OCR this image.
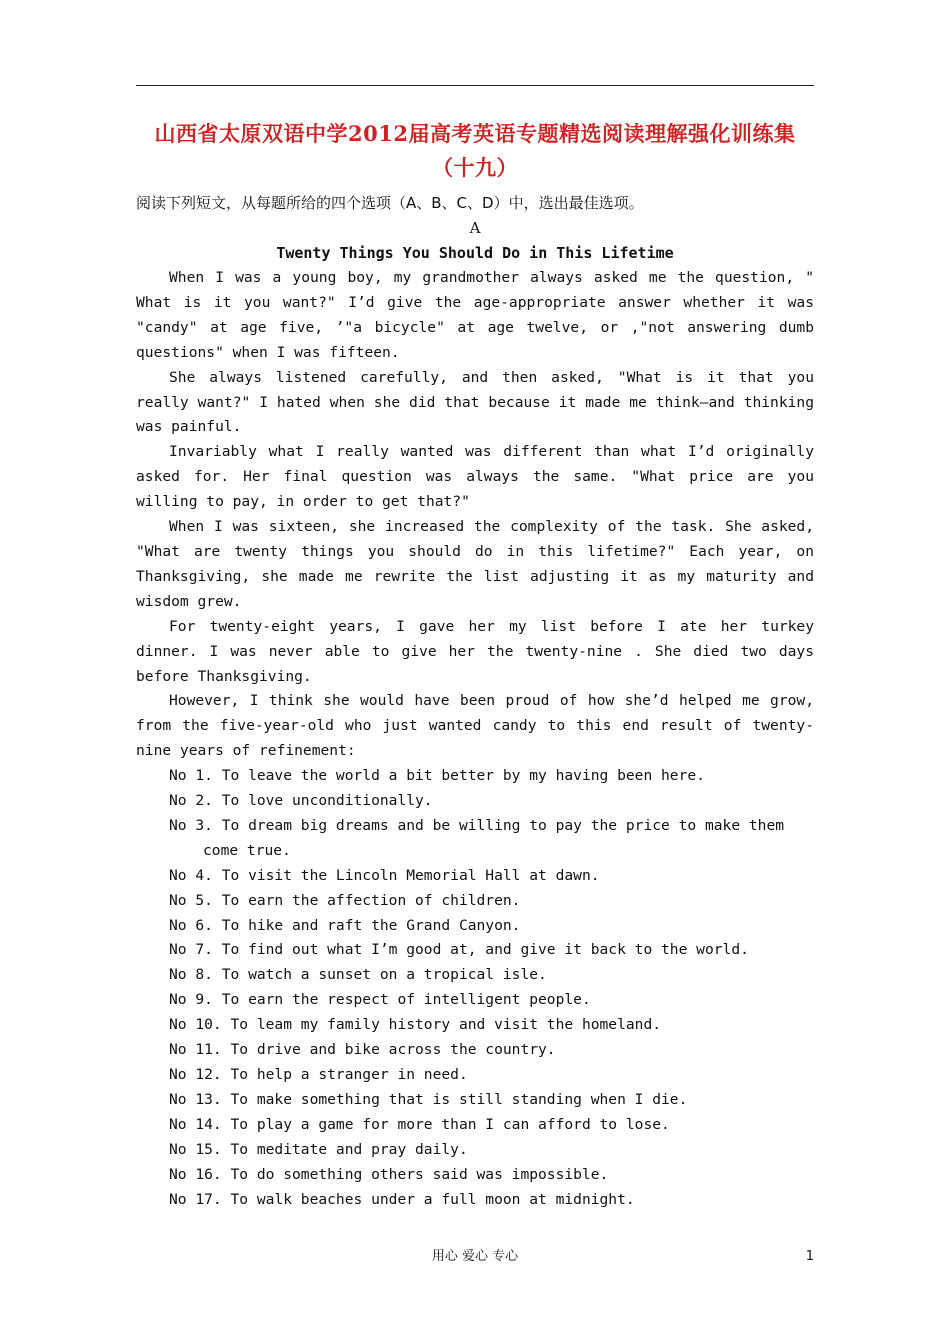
山西省太原双语中学2012届高考英语专题精选阅读理解强化训练集
（十九）
阅读下列短文，从每题所给的四个选项（A、B、C、D）中，选出最佳选项。
A
Twenty Things You Should Do in This Lifetime

When I was a young boy, my grandmother always asked me the question, " What is it you want?" I’d give the age-appropriate answer whether it was "candy" at age five, ’"a bicycle" at age twelve, or ,"not answering dumb questions" when I was fifteen.

She always listened carefully, and then asked, "What is it that you really want?" I hated when she did that because it made me think—and thinking was painful.

Invariably what I really wanted was different than what I’d originally asked for. Her final question was always the same. "What price are you willing to pay, in order to get that?"

When I was sixteen, she increased the complexity of the task. She asked, "What are twenty things you should do in this lifetime?" Each year, on Thanksgiving, she made me rewrite the list adjusting it as my maturity and wisdom grew.

For twenty-eight years, I gave her my list before I ate her turkey dinner. I was never able to give her the twenty-nine . She died two days before Thanksgiving.

However, I think she would have been proud of how she’d helped me grow, from the five-year-old who just wanted candy to this end result of twenty-nine years of refinement:

No 1. To leave the world a bit better by my having been here.

No 2. To love unconditionally.

No 3. To dream big dreams and be willing to pay the price to make them come true.

No 4. To visit the Lincoln Memorial Hall at dawn.

No 5. To earn the affection of children.

No 6. To hike and raft the Grand Canyon.

No 7. To find out what I’m good at, and give it back to the world.

No 8. To watch a sunset on a tropical isle.

No 9. To earn the respect of intelligent people.

No 10. To leam my family history and visit the homeland.

No 11. To drive and bike across the country.

No 12. To help a stranger in need.

No 13. To make something that is still standing when I die.

No 14. To play a game for more than I can afford to lose.

No 15. To meditate and pray daily.

No 16. To do something others said was impossible.

No 17. To walk beaches under a full moon at midnight.

用心 爱心 专心	1
